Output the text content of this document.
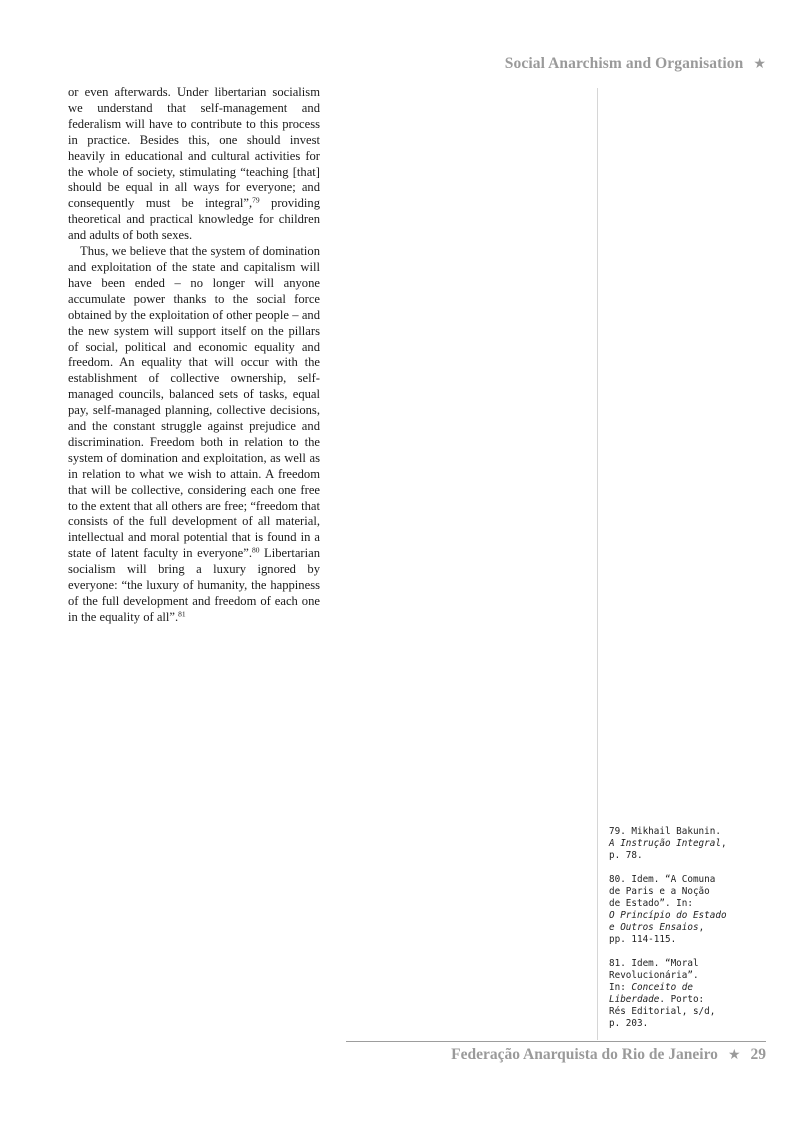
Social Anarchism and Organisation ★

or even afterwards. Under libertarian socialism we understand that self-management and federalism will have to contribute to this process in practice. Besides this, one should invest heavily in educational and cultural activities for the whole of society, stimulating “teaching [that] should be equal in all ways for everyone; and consequently must be integral”,$^{79}$ providing theoretical and practical knowledge for children and adults of both sexes.

Thus, we believe that the system of domination and exploitation of the state and capitalism will have been ended – no longer will anyone accumulate power thanks to the social force obtained by the exploitation of other people – and the new system will support itself on the pillars of social, political and economic equality and freedom. An equality that will occur with the establishment of collective ownership, self-managed councils, balanced sets of tasks, equal pay, self-managed planning, collective decisions, and the constant struggle against prejudice and discrimination. Freedom both in relation to the system of domination and exploitation, as well as in relation to what we wish to attain. A freedom that will be collective, considering each one free to the extent that all others are free; “freedom that consists of the full development of all material, intellectual and moral potential that is found in a state of latent faculty in everyone”.$^{80}$ Libertarian socialism will bring a luxury ignored by everyone: “the luxury of humanity, the happiness of the full development and freedom of each one in the equality of all”.$^{81}$

79. Mikhail Bakunin.
A Instrução Integral,
p. 78.

80. Idem. “A Comuna
de Paris e a Noção
de Estado”. In:
O Princípio do Estado
e Outros Ensaios,
pp. 114-115.

81. Idem. “Moral
Revolucionária”.
In: Conceito de
Liberdade. Porto:
Rés Editorial, s/d,
p. 203.

Federação Anarquista do Rio de Janeiro ★ 29
